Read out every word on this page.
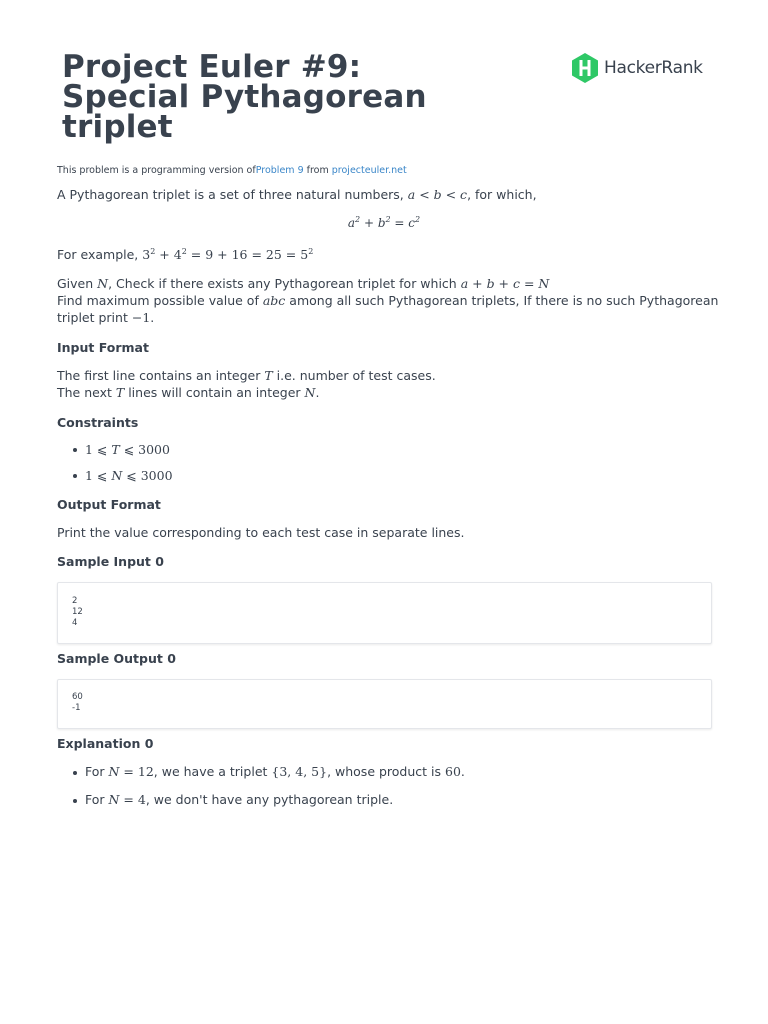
Project Euler #9: Special Pythagorean triplet
HackerRank
This problem is a programming version ofProblem 9 from projecteuler.net
A Pythagorean triplet is a set of three natural numbers, a < b < c, for which,
$a^2 + b^2 = c^2$
For example, $3^2 + 4^2 = 9 + 16 = 25 = 5^2$
Given N, Check if there exists any Pythagorean triplet for which a + b + c = N
Find maximum possible value of abc among all such Pythagorean triplets, If there is no such Pythagorean
triplet print −1.
Input Format
The first line contains an integer T i.e. number of test cases.
The next T lines will contain an integer N.
Constraints
1 ⩽ T ⩽ 3000
1 ⩽ N ⩽ 3000
Output Format
Print the value corresponding to each test case in separate lines.
Sample Input 0
2
12
4
Sample Output 0
60
-1
Explanation 0
For N = 12, we have a triplet {3, 4, 5}, whose product is 60.
For N = 4, we don't have any pythagorean triple.
